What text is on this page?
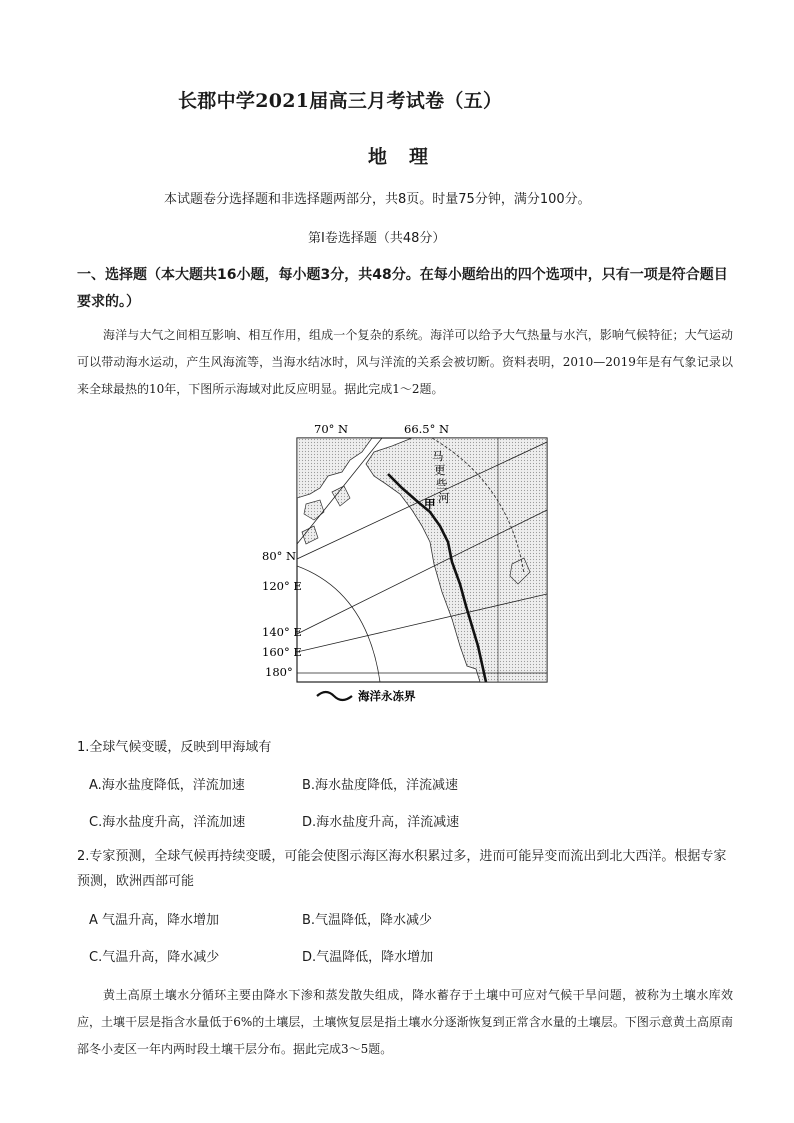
长郡中学2021届高三月考试卷（五）
地理
本试题卷分选择题和非选择题两部分，共8页。时量75分钟，满分100分。
第Ⅰ卷选择题（共48分）
一、选择题（本大题共16小题，每小题3分，共48分。在每小题给出的四个选项中，只有一项是符合题目要求的。）
海洋与大气之间相互影响、相互作用，组成一个复杂的系统。海洋可以给予大气热量与水汽，影响气候特征；大气运动可以带动海水运动，产生风海流等，当海水结冰时，风与洋流的关系会被切断。资料表明，2010—2019年是有气象记录以来全球最热的10年，下图所示海域对此反应明显。据此完成1～2题。
70° N	66.5° N
80° N
120° E
140° E
160° E
180°
马
更
些
河
甲
海洋永冻界
1.全球气候变暖，反映到甲海域有
A.海水盐度降低，洋流加速	B.海水盐度降低，洋流减速
C.海水盐度升高，洋流加速	D.海水盐度升高，洋流减速
2.专家预测，全球气候再持续变暖，可能会使图示海区海水积累过多，进而可能异变而流出到北大西洋。根据专家预测，欧洲西部可能
A 气温升高，降水增加	B.气温降低，降水减少
C.气温升高，降水减少	D.气温降低，降水增加
黄土高原土壤水分循环主要由降水下渗和蒸发散失组成，降水蓄存于土壤中可应对气候干旱问题，被称为土壤水库效应，土壤干层是指含水量低于6%的土壤层，土壤恢复层是指土壤水分逐渐恢复到正常含水量的土壤层。下图示意黄土高原南部冬小麦区一年内两时段土壤干层分布。据此完成3～5题。
